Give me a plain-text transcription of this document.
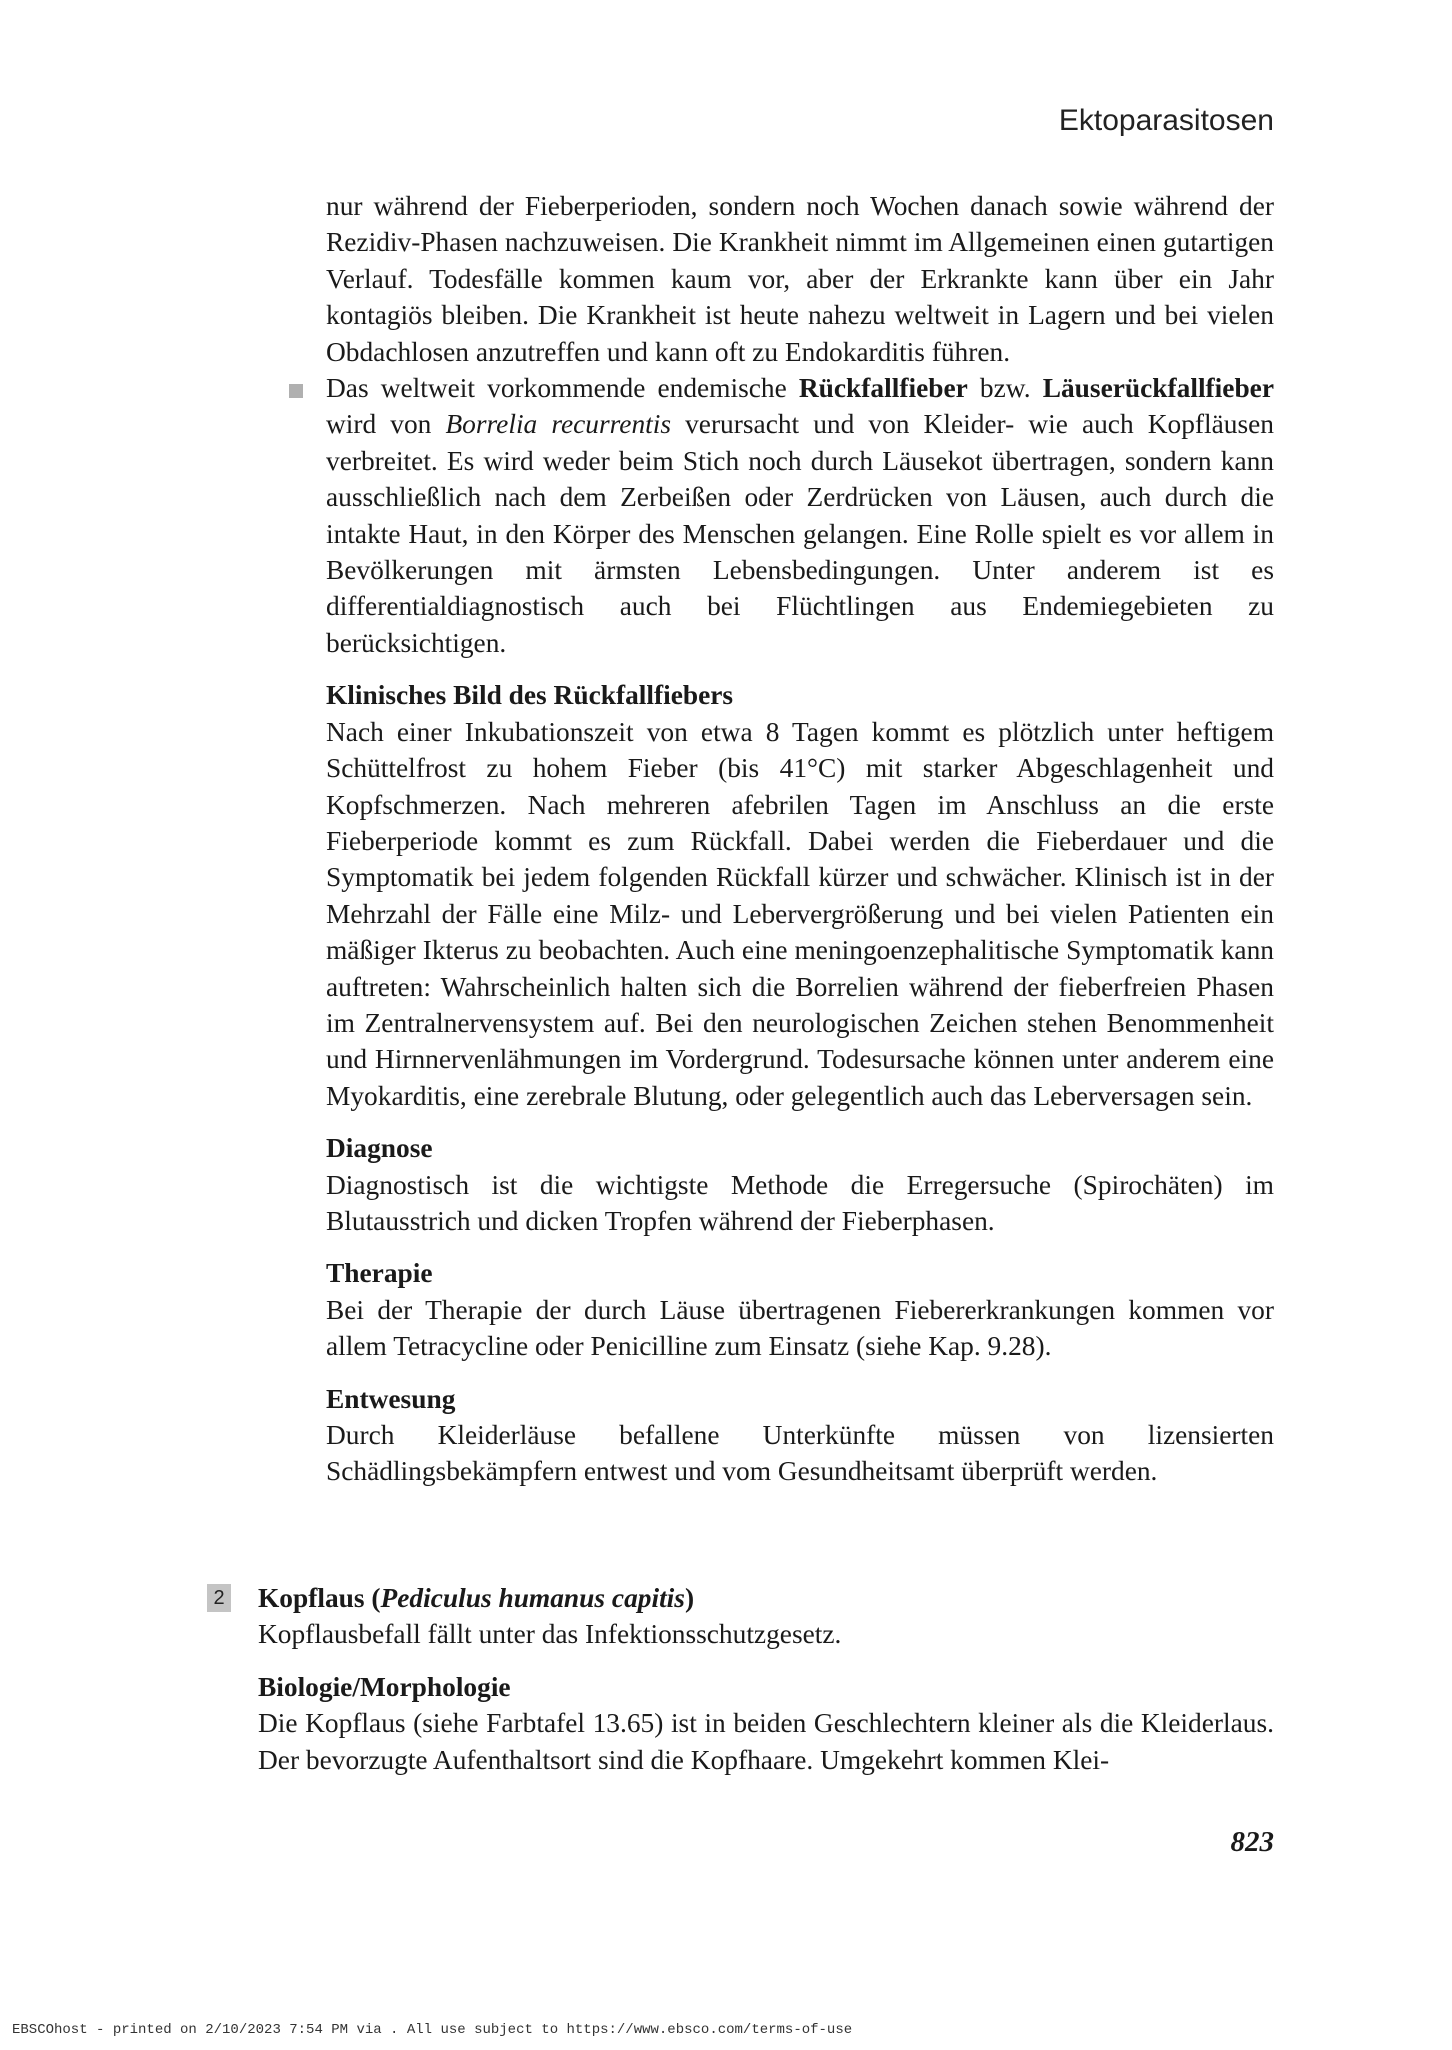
Ektoparasitosen

nur während der Fieberperioden, sondern noch Wochen danach sowie während der Rezidiv-Phasen nachzuweisen. Die Krankheit nimmt im Allgemeinen einen gutartigen Verlauf. Todesfälle kommen kaum vor, aber der Erkrankte kann über ein Jahr kontagiös bleiben. Die Krankheit ist heute nahezu weltweit in Lagern und bei vielen Obdachlosen anzutreffen und kann oft zu Endokarditis führen.

Das weltweit vorkommende endemische Rückfallfieber bzw. Läuserückfallfieber wird von Borrelia recurrentis verursacht und von Kleider- wie auch Kopfläusen verbreitet. Es wird weder beim Stich noch durch Läusekot übertragen, sondern kann ausschließlich nach dem Zerbeißen oder Zerdrücken von Läusen, auch durch die intakte Haut, in den Körper des Menschen gelangen. Eine Rolle spielt es vor allem in Bevölkerungen mit ärmsten Lebensbedingungen. Unter anderem ist es differentialdiagnostisch auch bei Flüchtlingen aus Endemiegebieten zu berücksichtigen.

Klinisches Bild des Rückfallfiebers

Nach einer Inkubationszeit von etwa 8 Tagen kommt es plötzlich unter heftigem Schüttelfrost zu hohem Fieber (bis 41°C) mit starker Abgeschlagenheit und Kopfschmerzen. Nach mehreren afebrilen Tagen im Anschluss an die erste Fieberperiode kommt es zum Rückfall. Dabei werden die Fieberdauer und die Symptomatik bei jedem folgenden Rückfall kürzer und schwächer. Klinisch ist in der Mehrzahl der Fälle eine Milz- und Lebervergrößerung und bei vielen Patienten ein mäßiger Ikterus zu beobachten. Auch eine meningoenzephalitische Symptomatik kann auftreten: Wahrscheinlich halten sich die Borrelien während der fieberfreien Phasen im Zentralnervensystem auf. Bei den neurologischen Zeichen stehen Benommenheit und Hirnnervenlähmungen im Vordergrund. Todesursache können unter anderem eine Myokarditis, eine zerebrale Blutung, oder gelegentlich auch das Leberversagen sein.

Diagnose

Diagnostisch ist die wichtigste Methode die Erregersuche (Spirochäten) im Blutausstrich und dicken Tropfen während der Fieberphasen.

Therapie

Bei der Therapie der durch Läuse übertragenen Fiebererkrankungen kommen vor allem Tetracycline oder Penicilline zum Einsatz (siehe Kap. 9.28).

Entwesung

Durch Kleiderläuse befallene Unterkünfte müssen von lizensierten Schädlingsbekämpfern entwest und vom Gesundheitsamt überprüft werden.

2 Kopflaus (Pediculus humanus capitis)

Kopflausbefall fällt unter das Infektionsschutzgesetz.

Biologie/Morphologie

Die Kopflaus (siehe Farbtafel 13.65) ist in beiden Geschlechtern kleiner als die Kleiderlaus. Der bevorzugte Aufenthaltsort sind die Kopfhaare. Umgekehrt kommen Klei-

823
EBSCOhost - printed on 2/10/2023 7:54 PM via . All use subject to https://www.ebsco.com/terms-of-use
